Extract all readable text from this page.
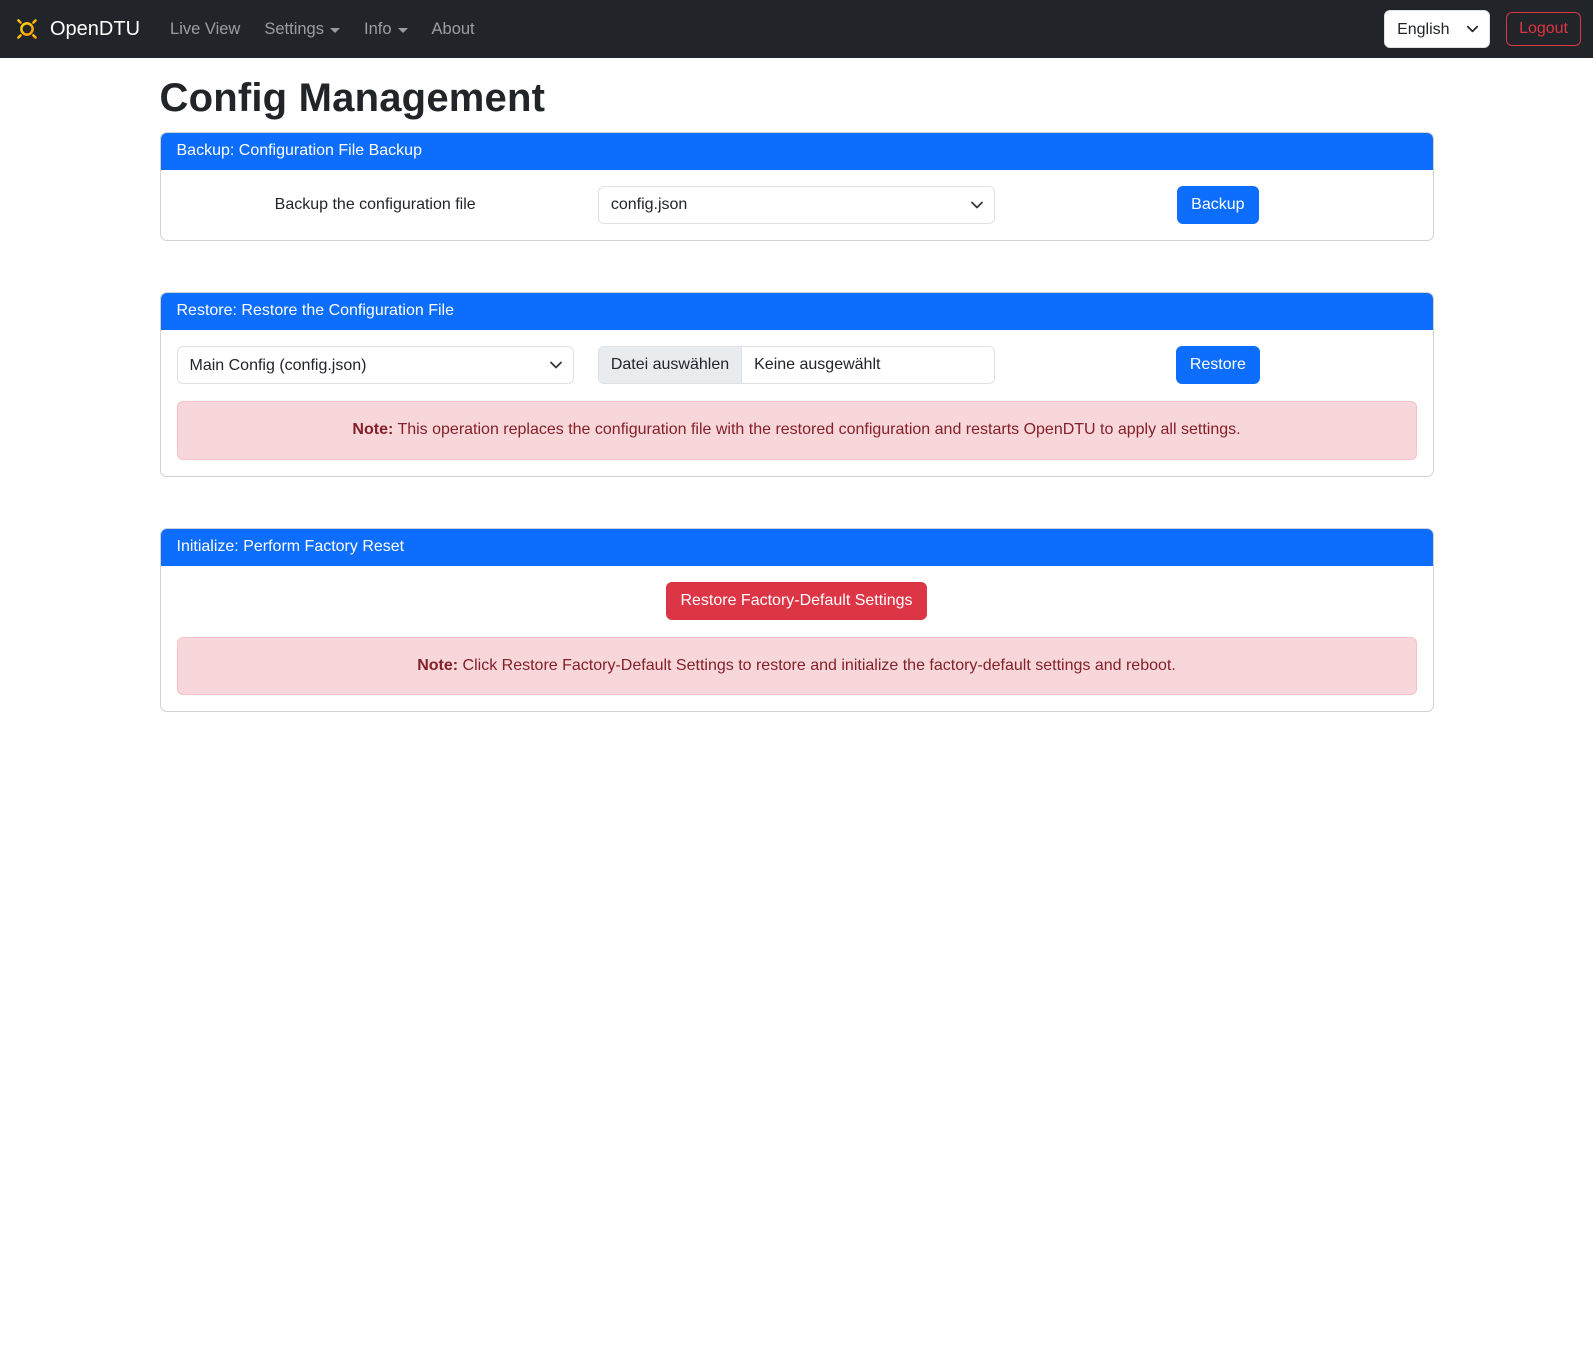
OpenDTU Live View Settings Info About
English	Logout
Config Management
Backup: Configuration File Backup
Backup the configuration file
config.json	Backup
Restore: Restore the Configuration File
Main Config (config.json)
Datei auswählen	Keine ausgewählt	Restore
Note: This operation replaces the configuration file with the restored configuration and restarts OpenDTU to apply all settings.
Initialize: Perform Factory Reset
Restore Factory-Default Settings
Note: Click Restore Factory-Default Settings to restore and initialize the factory-default settings and reboot.
